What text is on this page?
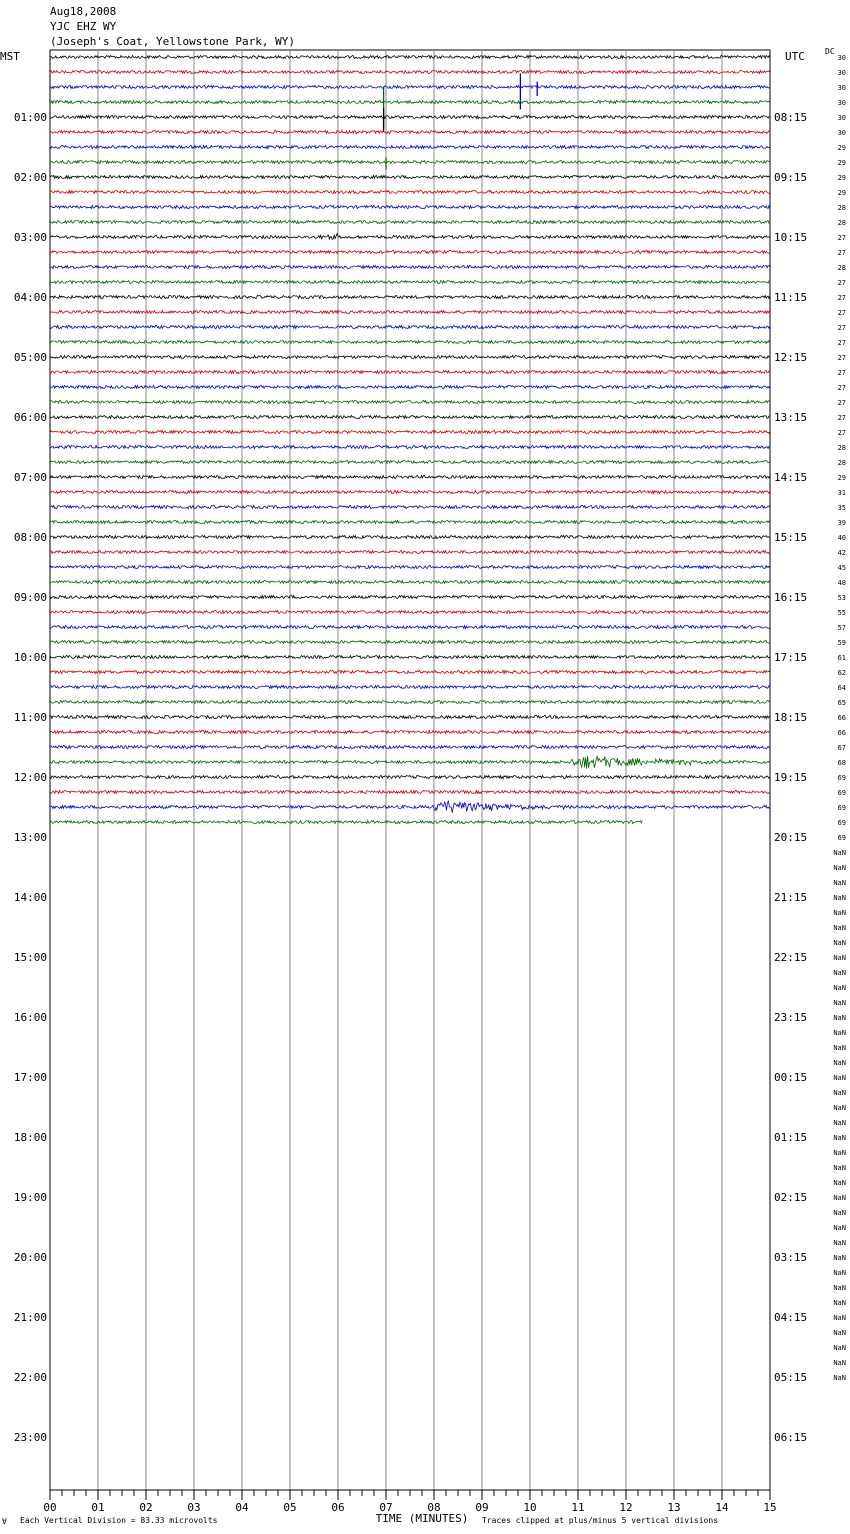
Aug18,2008
YJC EHZ WY
(Joseph's Coat, Yellowstone Park, WY)
MST	UTC	DC
00	01	02	03	04	05	06	07	08	09	10	11	12	13	14	15
01:00
02:00
03:00
04:00
05:00
06:00
07:00
08:00
09:00
10:00
11:00
12:00
13:00
14:00
15:00
16:00
17:00
18:00
19:00
20:00
21:00
22:00
23:00
08:15
09:15
10:15
11:15
12:15
13:15
14:15
15:15
16:15
17:15
18:15
19:15
20:15
21:15
22:15
23:15
00:15
01:15
02:15
03:15
04:15
05:15
06:15
30
30
30
30
30
30
29
29
29
29
28
28
27
27
28
27
27
27
27
27
27
27
27
27
27
27
28
28
29
31
35
39
40
42
45
48
53
55
57
59
61
62
64
65
66
66
67
68
69
69
69
69
69
NaN
NaN
NaN
NaN
NaN
NaN
NaN
NaN
NaN
NaN
NaN
NaN
NaN
NaN
NaN
NaN
NaN
NaN
NaN
NaN
NaN
NaN
NaN
NaN
NaN
NaN
NaN
NaN
NaN
NaN
NaN
NaN
NaN
NaN
NaN
NaN
∀ Each Vertical Division = 83.33 microvolts	TIME (MINUTES) Traces clipped at plus/minus 5 vertical divisions
